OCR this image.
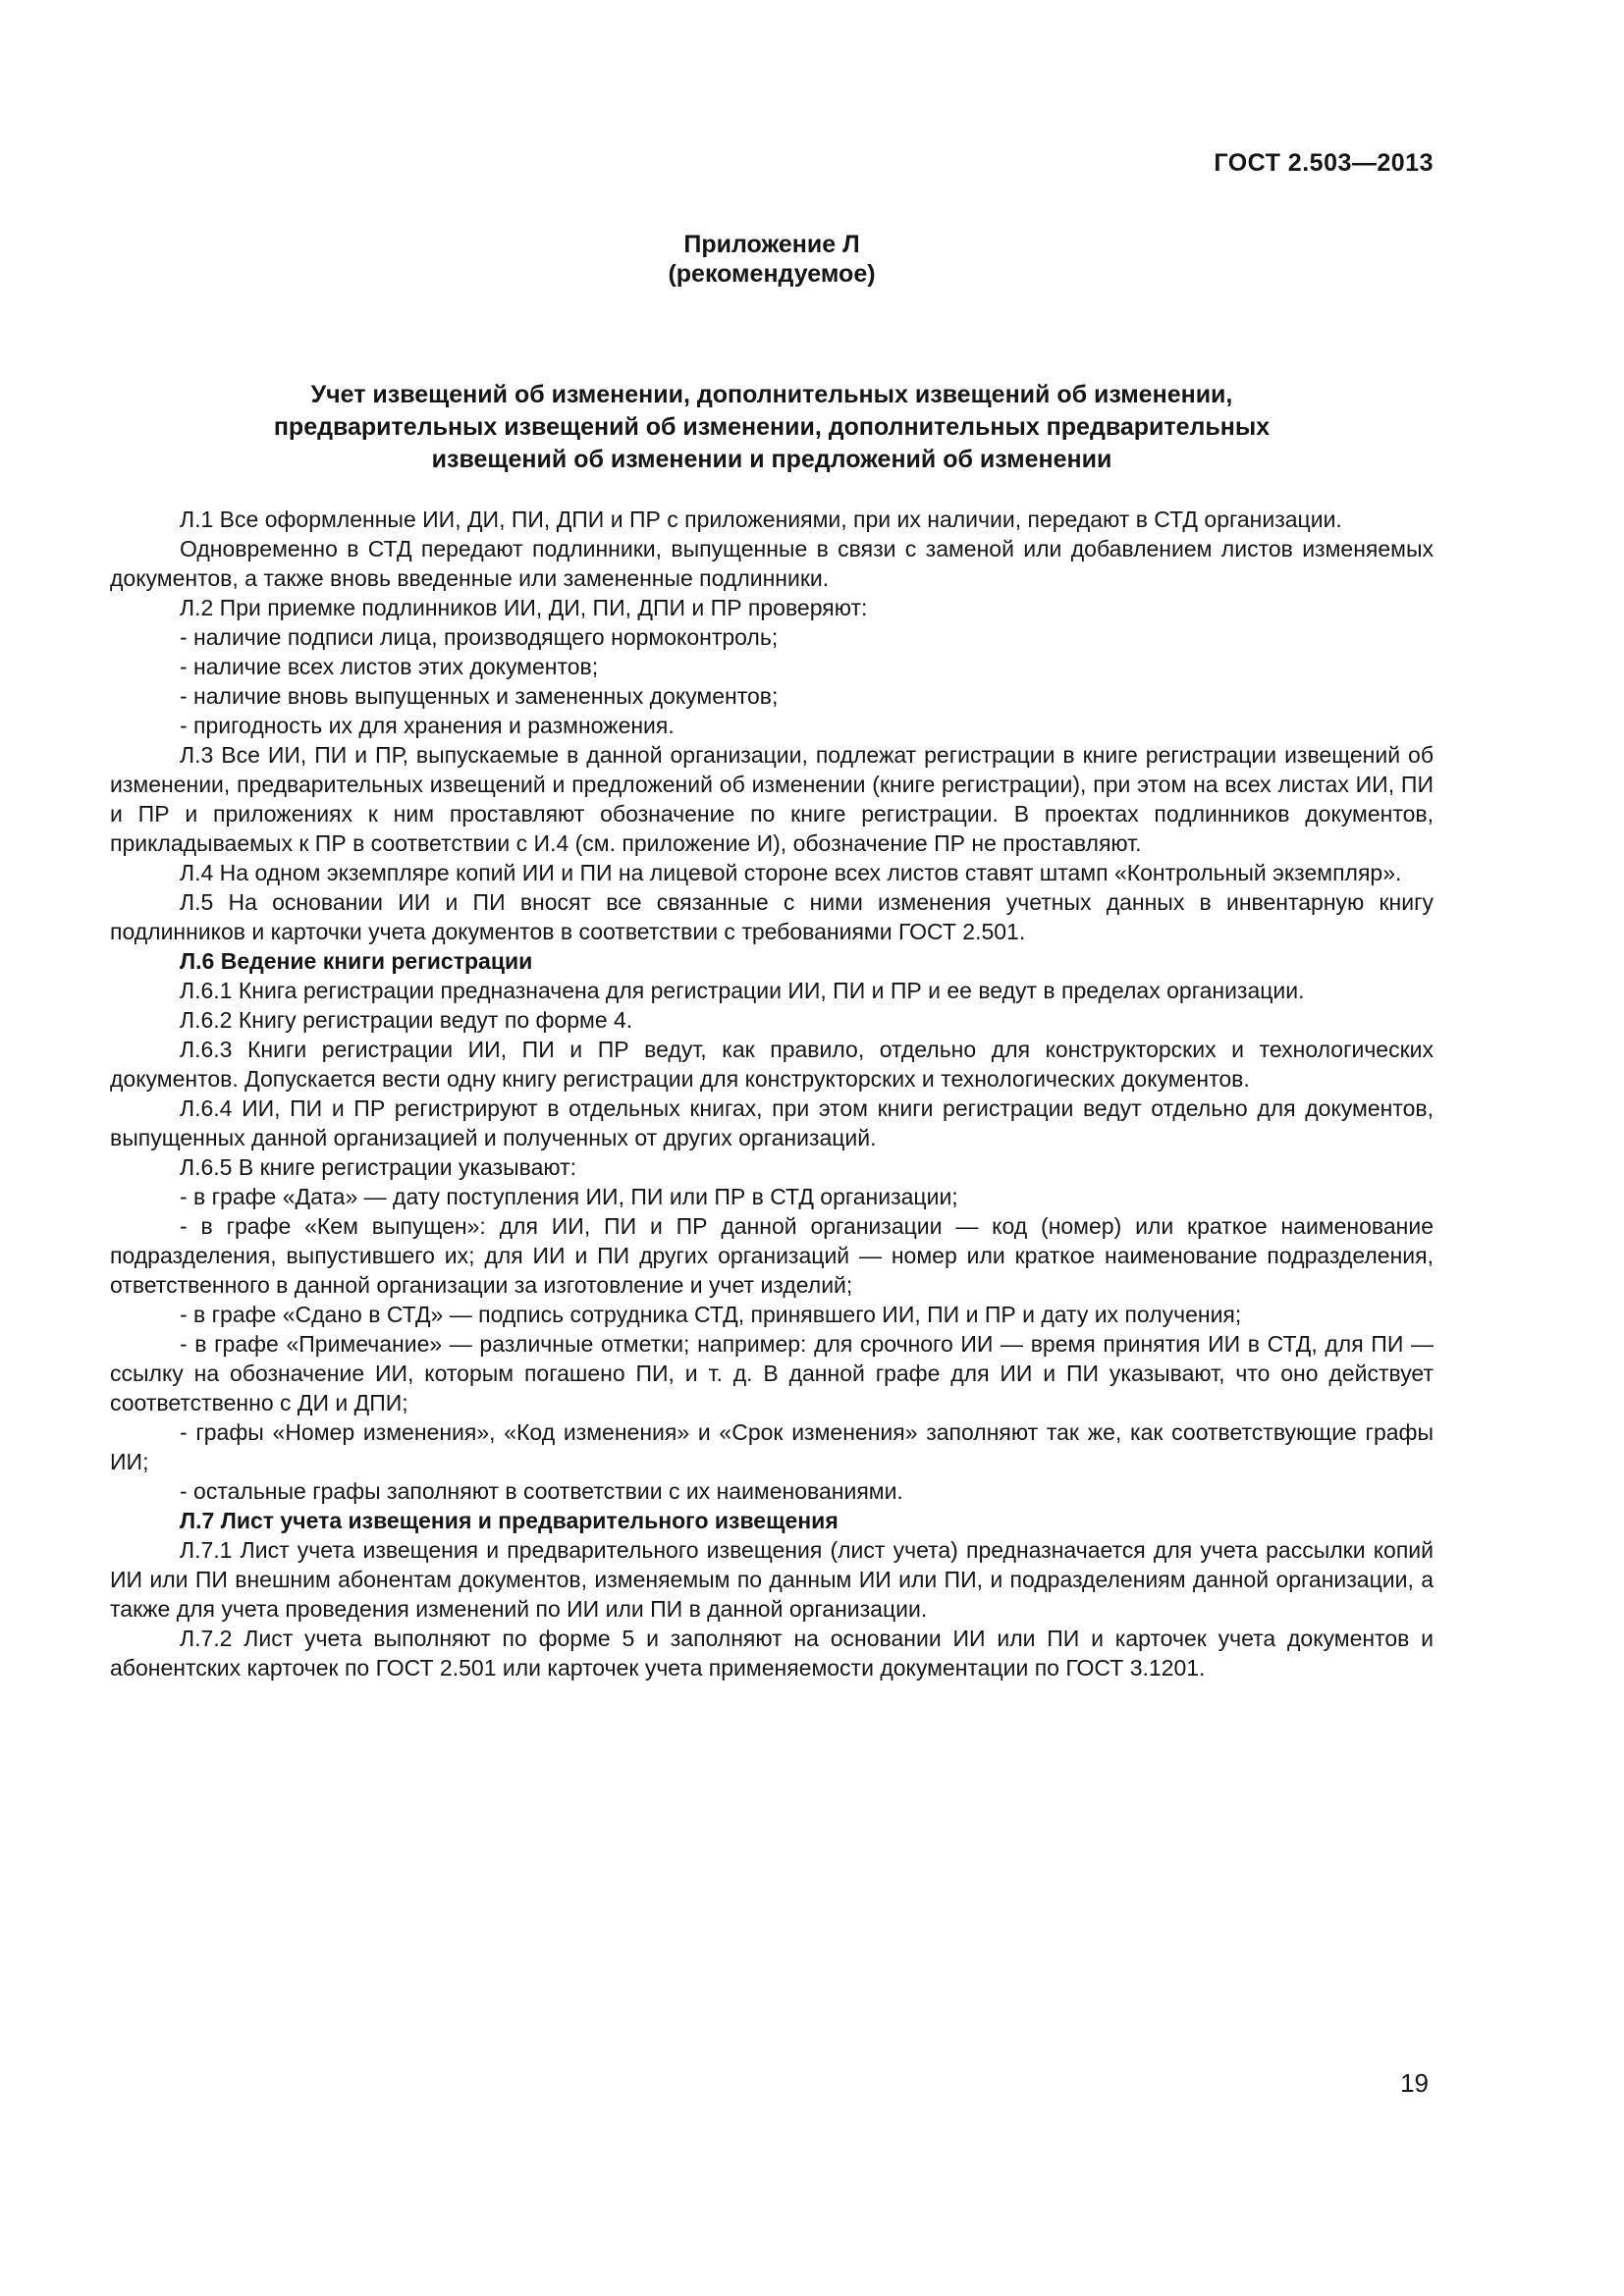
ГОСТ 2.503—2013
Приложение Л
(рекомендуемое)
Учет извещений об изменении, дополнительных извещений об изменении,
предварительных извещений об изменении, дополнительных предварительных
извещений об изменении и предложений об изменении

Л.1 Все оформленные ИИ, ДИ, ПИ, ДПИ и ПР с приложениями, при их наличии, передают в СТД организации.

Одновременно в СТД передают подлинники, выпущенные в связи с заменой или добавлением листов изменяемых документов, а также вновь введенные или замененные подлинники.

Л.2 При приемке подлинников ИИ, ДИ, ПИ, ДПИ и ПР проверяют:

- наличие подписи лица, производящего нормоконтроль;

- наличие всех листов этих документов;

- наличие вновь выпущенных и замененных документов;

- пригодность их для хранения и размножения.

Л.3 Все ИИ, ПИ и ПР, выпускаемые в данной организации, подлежат регистрации в книге регистрации извещений об изменении, предварительных извещений и предложений об изменении (книге регистрации), при этом на всех листах ИИ, ПИ и ПР и приложениях к ним проставляют обозначение по книге регистрации. В проектах подлинников документов, прикладываемых к ПР в соответствии с И.4 (см. приложение И), обозначение ПР не проставляют.

Л.4 На одном экземпляре копий ИИ и ПИ на лицевой стороне всех листов ставят штамп «Контрольный экземпляр».

Л.5 На основании ИИ и ПИ вносят все связанные с ними изменения учетных данных в инвентарную книгу подлинников и карточки учета документов в соответствии с требованиями ГОСТ 2.501.

Л.6 Ведение книги регистрации

Л.6.1 Книга регистрации предназначена для регистрации ИИ, ПИ и ПР и ее ведут в пределах организации.

Л.6.2 Книгу регистрации ведут по форме 4.

Л.6.3 Книги регистрации ИИ, ПИ и ПР ведут, как правило, отдельно для конструкторских и технологических документов. Допускается вести одну книгу регистрации для конструкторских и технологических документов.

Л.6.4 ИИ, ПИ и ПР регистрируют в отдельных книгах, при этом книги регистрации ведут отдельно для документов, выпущенных данной организацией и полученных от других организаций.

Л.6.5 В книге регистрации указывают:

- в графе «Дата» — дату поступления ИИ, ПИ или ПР в СТД организации;

- в графе «Кем выпущен»: для ИИ, ПИ и ПР данной организации — код (номер) или краткое наименование подразделения, выпустившего их; для ИИ и ПИ других организаций — номер или краткое наименование подразделения, ответственного в данной организации за изготовление и учет изделий;

- в графе «Сдано в СТД» — подпись сотрудника СТД, принявшего ИИ, ПИ и ПР и дату их получения;

- в графе «Примечание» — различные отметки; например: для срочного ИИ — время принятия ИИ в СТД, для ПИ — ссылку на обозначение ИИ, которым погашено ПИ, и т. д. В данной графе для ИИ и ПИ указывают, что оно действует соответственно с ДИ и ДПИ;

- графы «Номер изменения», «Код изменения» и «Срок изменения» заполняют так же, как соответствующие графы ИИ;

- остальные графы заполняют в соответствии с их наименованиями.

Л.7 Лист учета извещения и предварительного извещения

Л.7.1 Лист учета извещения и предварительного извещения (лист учета) предназначается для учета рассылки копий ИИ или ПИ внешним абонентам документов, изменяемым по данным ИИ или ПИ, и подразделениям данной организации, а также для учета проведения изменений по ИИ или ПИ в данной организации.

Л.7.2 Лист учета выполняют по форме 5 и заполняют на основании ИИ или ПИ и карточек учета документов и абонентских карточек по ГОСТ 2.501 или карточек учета применяемости документации по ГОСТ 3.1201.

19
